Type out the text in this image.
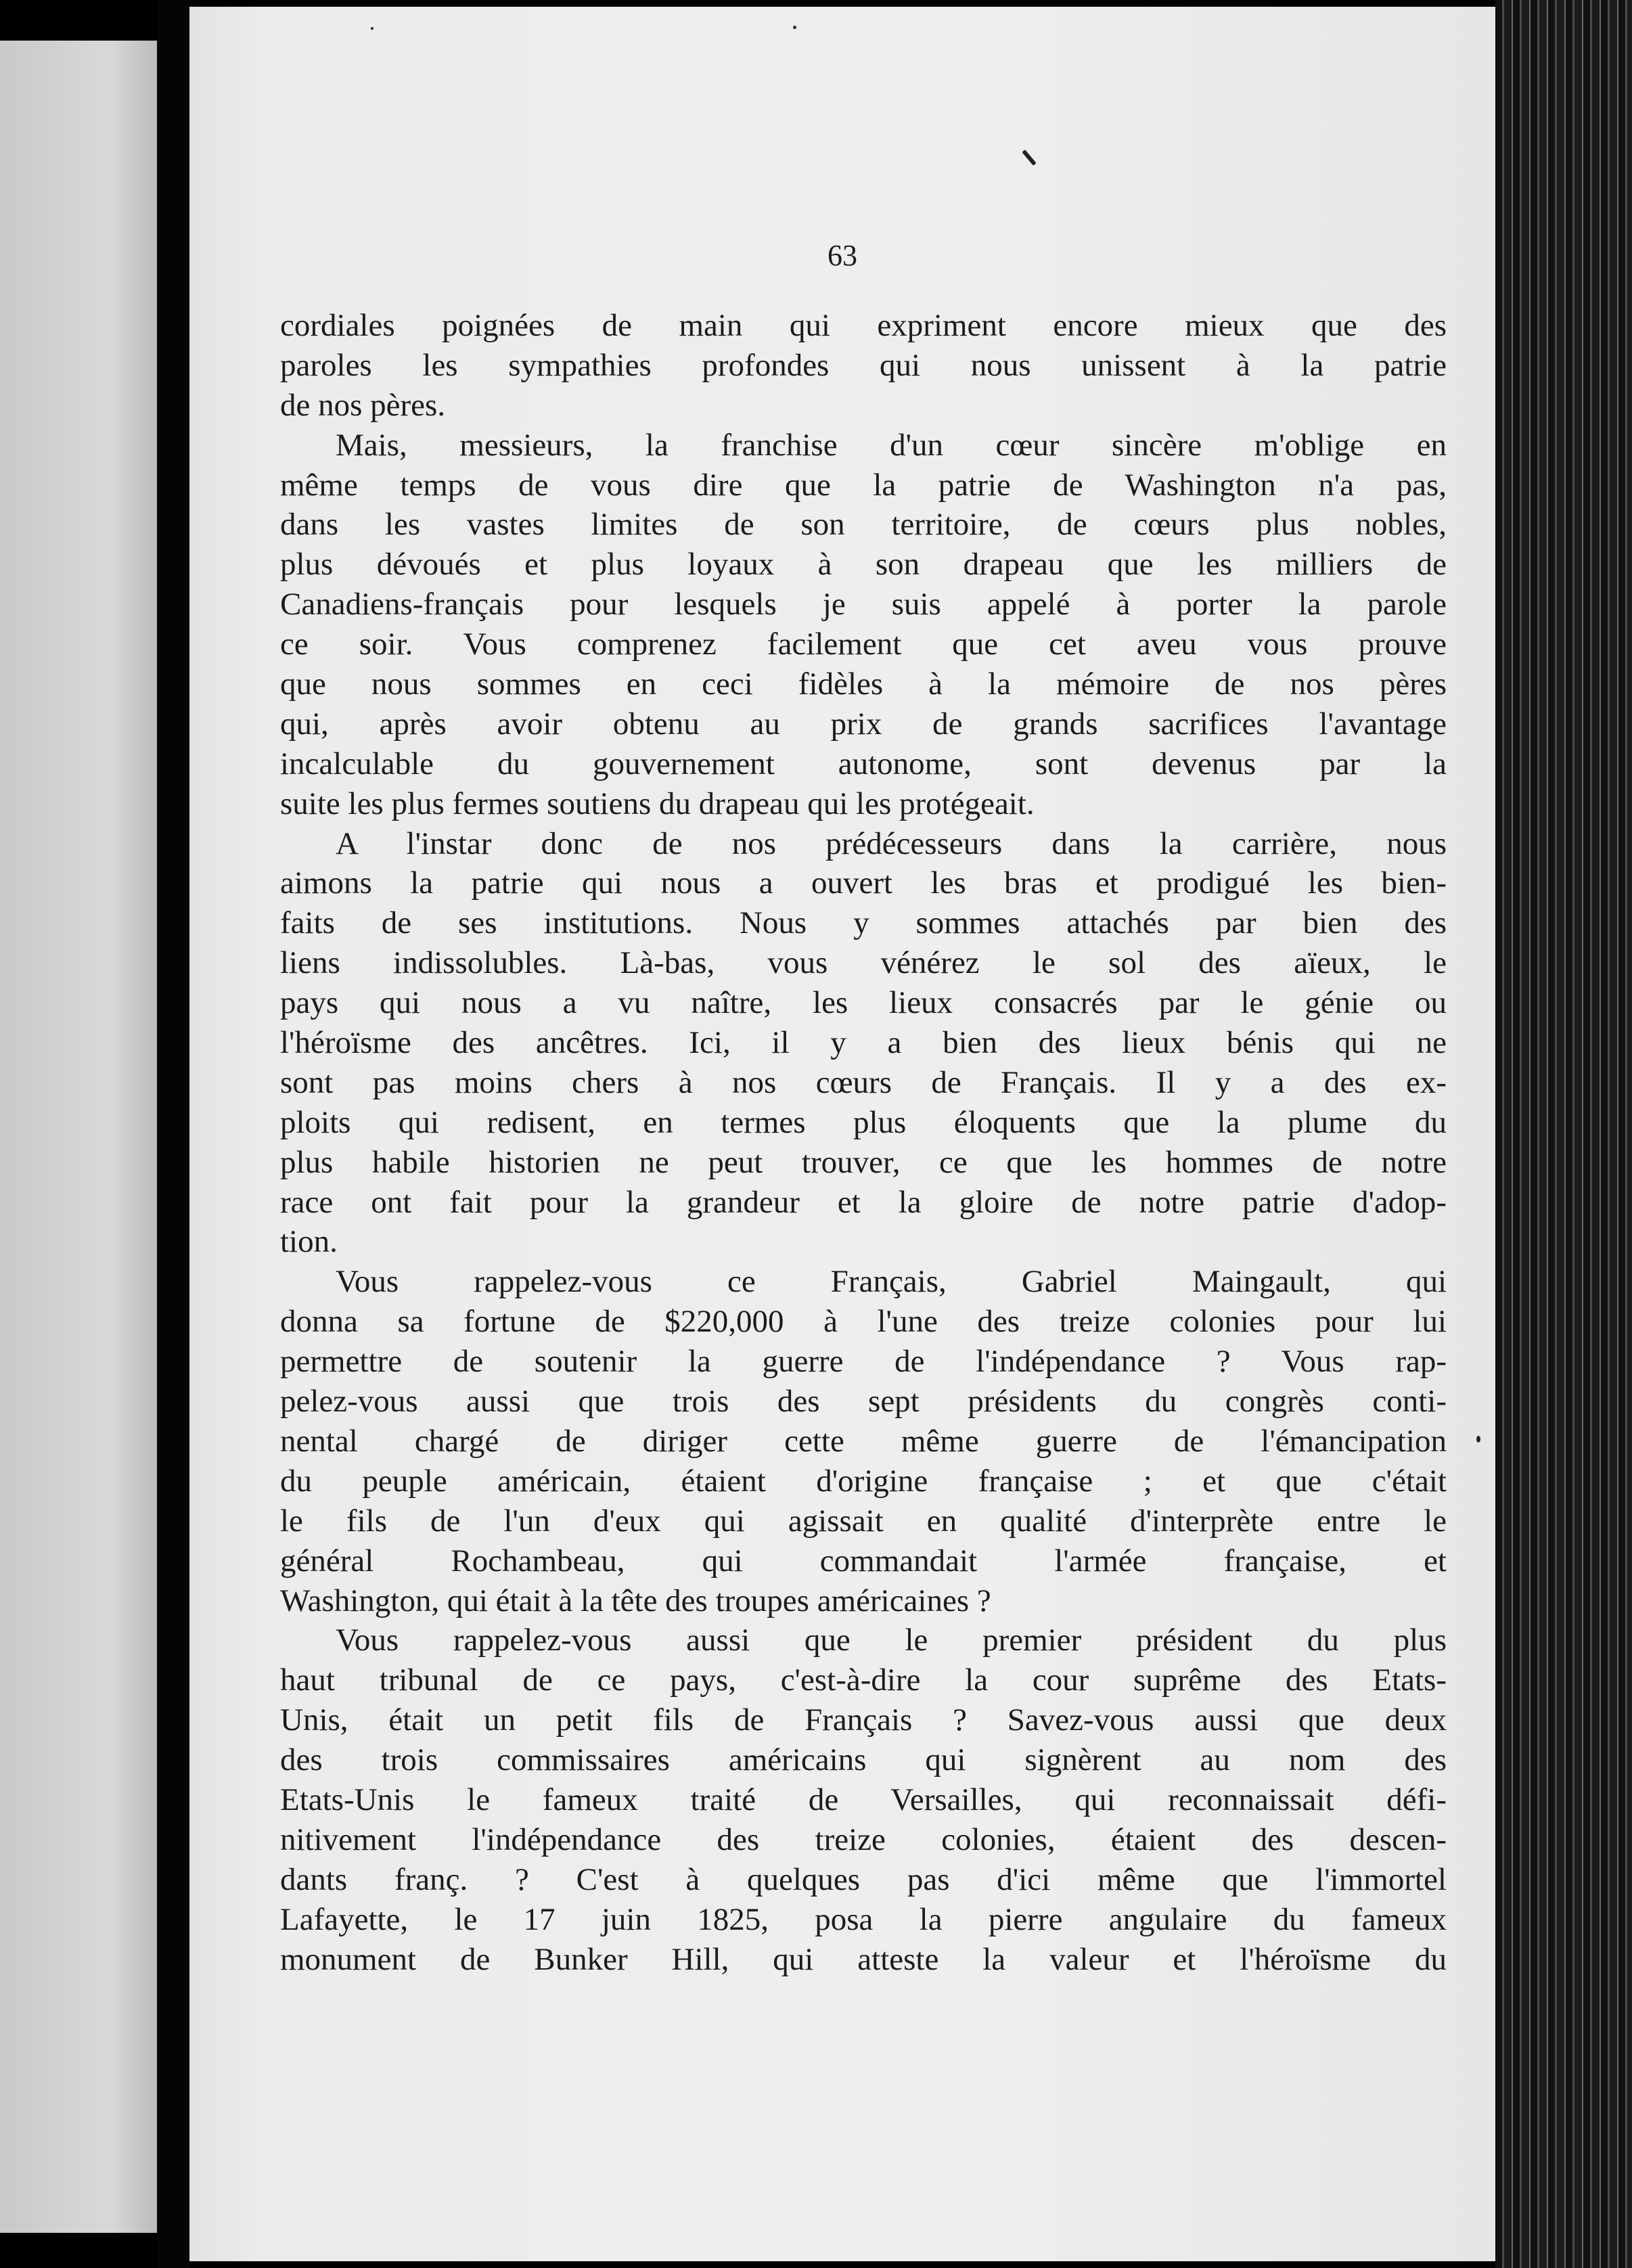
63
cordiales poignées de main qui expriment encore mieux que des
paroles les sympathies profondes qui nous unissent à la patrie
de nos pères.
Mais, messieurs, la franchise d'un cœur sincère m'oblige en
même temps de vous dire que la patrie de Washington n'a pas,
dans les vastes limites de son territoire, de cœurs plus nobles,
plus dévoués et plus loyaux à son drapeau que les milliers de
Canadiens-français pour lesquels je suis appelé à porter la parole
ce soir. Vous comprenez facilement que cet aveu vous prouve
que nous sommes en ceci fidèles à la mémoire de nos pères
qui, après avoir obtenu au prix de grands sacrifices l'avantage
incalculable du gouvernement autonome, sont devenus par la
suite les plus fermes soutiens du drapeau qui les protégeait.
A l'instar donc de nos prédécesseurs dans la carrière, nous
aimons la patrie qui nous a ouvert les bras et prodigué les bien-
faits de ses institutions. Nous y sommes attachés par bien des
liens indissolubles. Là-bas, vous vénérez le sol des aïeux, le
pays qui nous a vu naître, les lieux consacrés par le génie ou
l'héroïsme des ancêtres. Ici, il y a bien des lieux bénis qui ne
sont pas moins chers à nos cœurs de Français. Il y a des ex-
ploits qui redisent, en termes plus éloquents que la plume du
plus habile historien ne peut trouver, ce que les hommes de notre
race ont fait pour la grandeur et la gloire de notre patrie d'adop-
tion.
Vous rappelez-vous ce Français, Gabriel Maingault, qui
donna sa fortune de $220,000 à l'une des treize colonies pour lui
permettre de soutenir la guerre de l'indépendance ? Vous rap-
pelez-vous aussi que trois des sept présidents du congrès conti-
nental chargé de diriger cette même guerre de l'émancipation
du peuple américain, étaient d'origine française ; et que c'était
le fils de l'un d'eux qui agissait en qualité d'interprète entre le
général Rochambeau, qui commandait l'armée française, et
Washington, qui était à la tête des troupes américaines ?
Vous rappelez-vous aussi que le premier président du plus
haut tribunal de ce pays, c'est-à-dire la cour suprême des Etats-
Unis, était un petit fils de Français ? Savez-vous aussi que deux
des trois commissaires américains qui signèrent au nom des
Etats-Unis le fameux traité de Versailles, qui reconnaissait défi-
nitivement l'indépendance des treize colonies, étaient des descen-
dants franç. ? C'est à quelques pas d'ici même que l'immortel
Lafayette, le 17 juin 1825, posa la pierre angulaire du fameux
monument de Bunker Hill, qui atteste la valeur et l'héroïsme du
